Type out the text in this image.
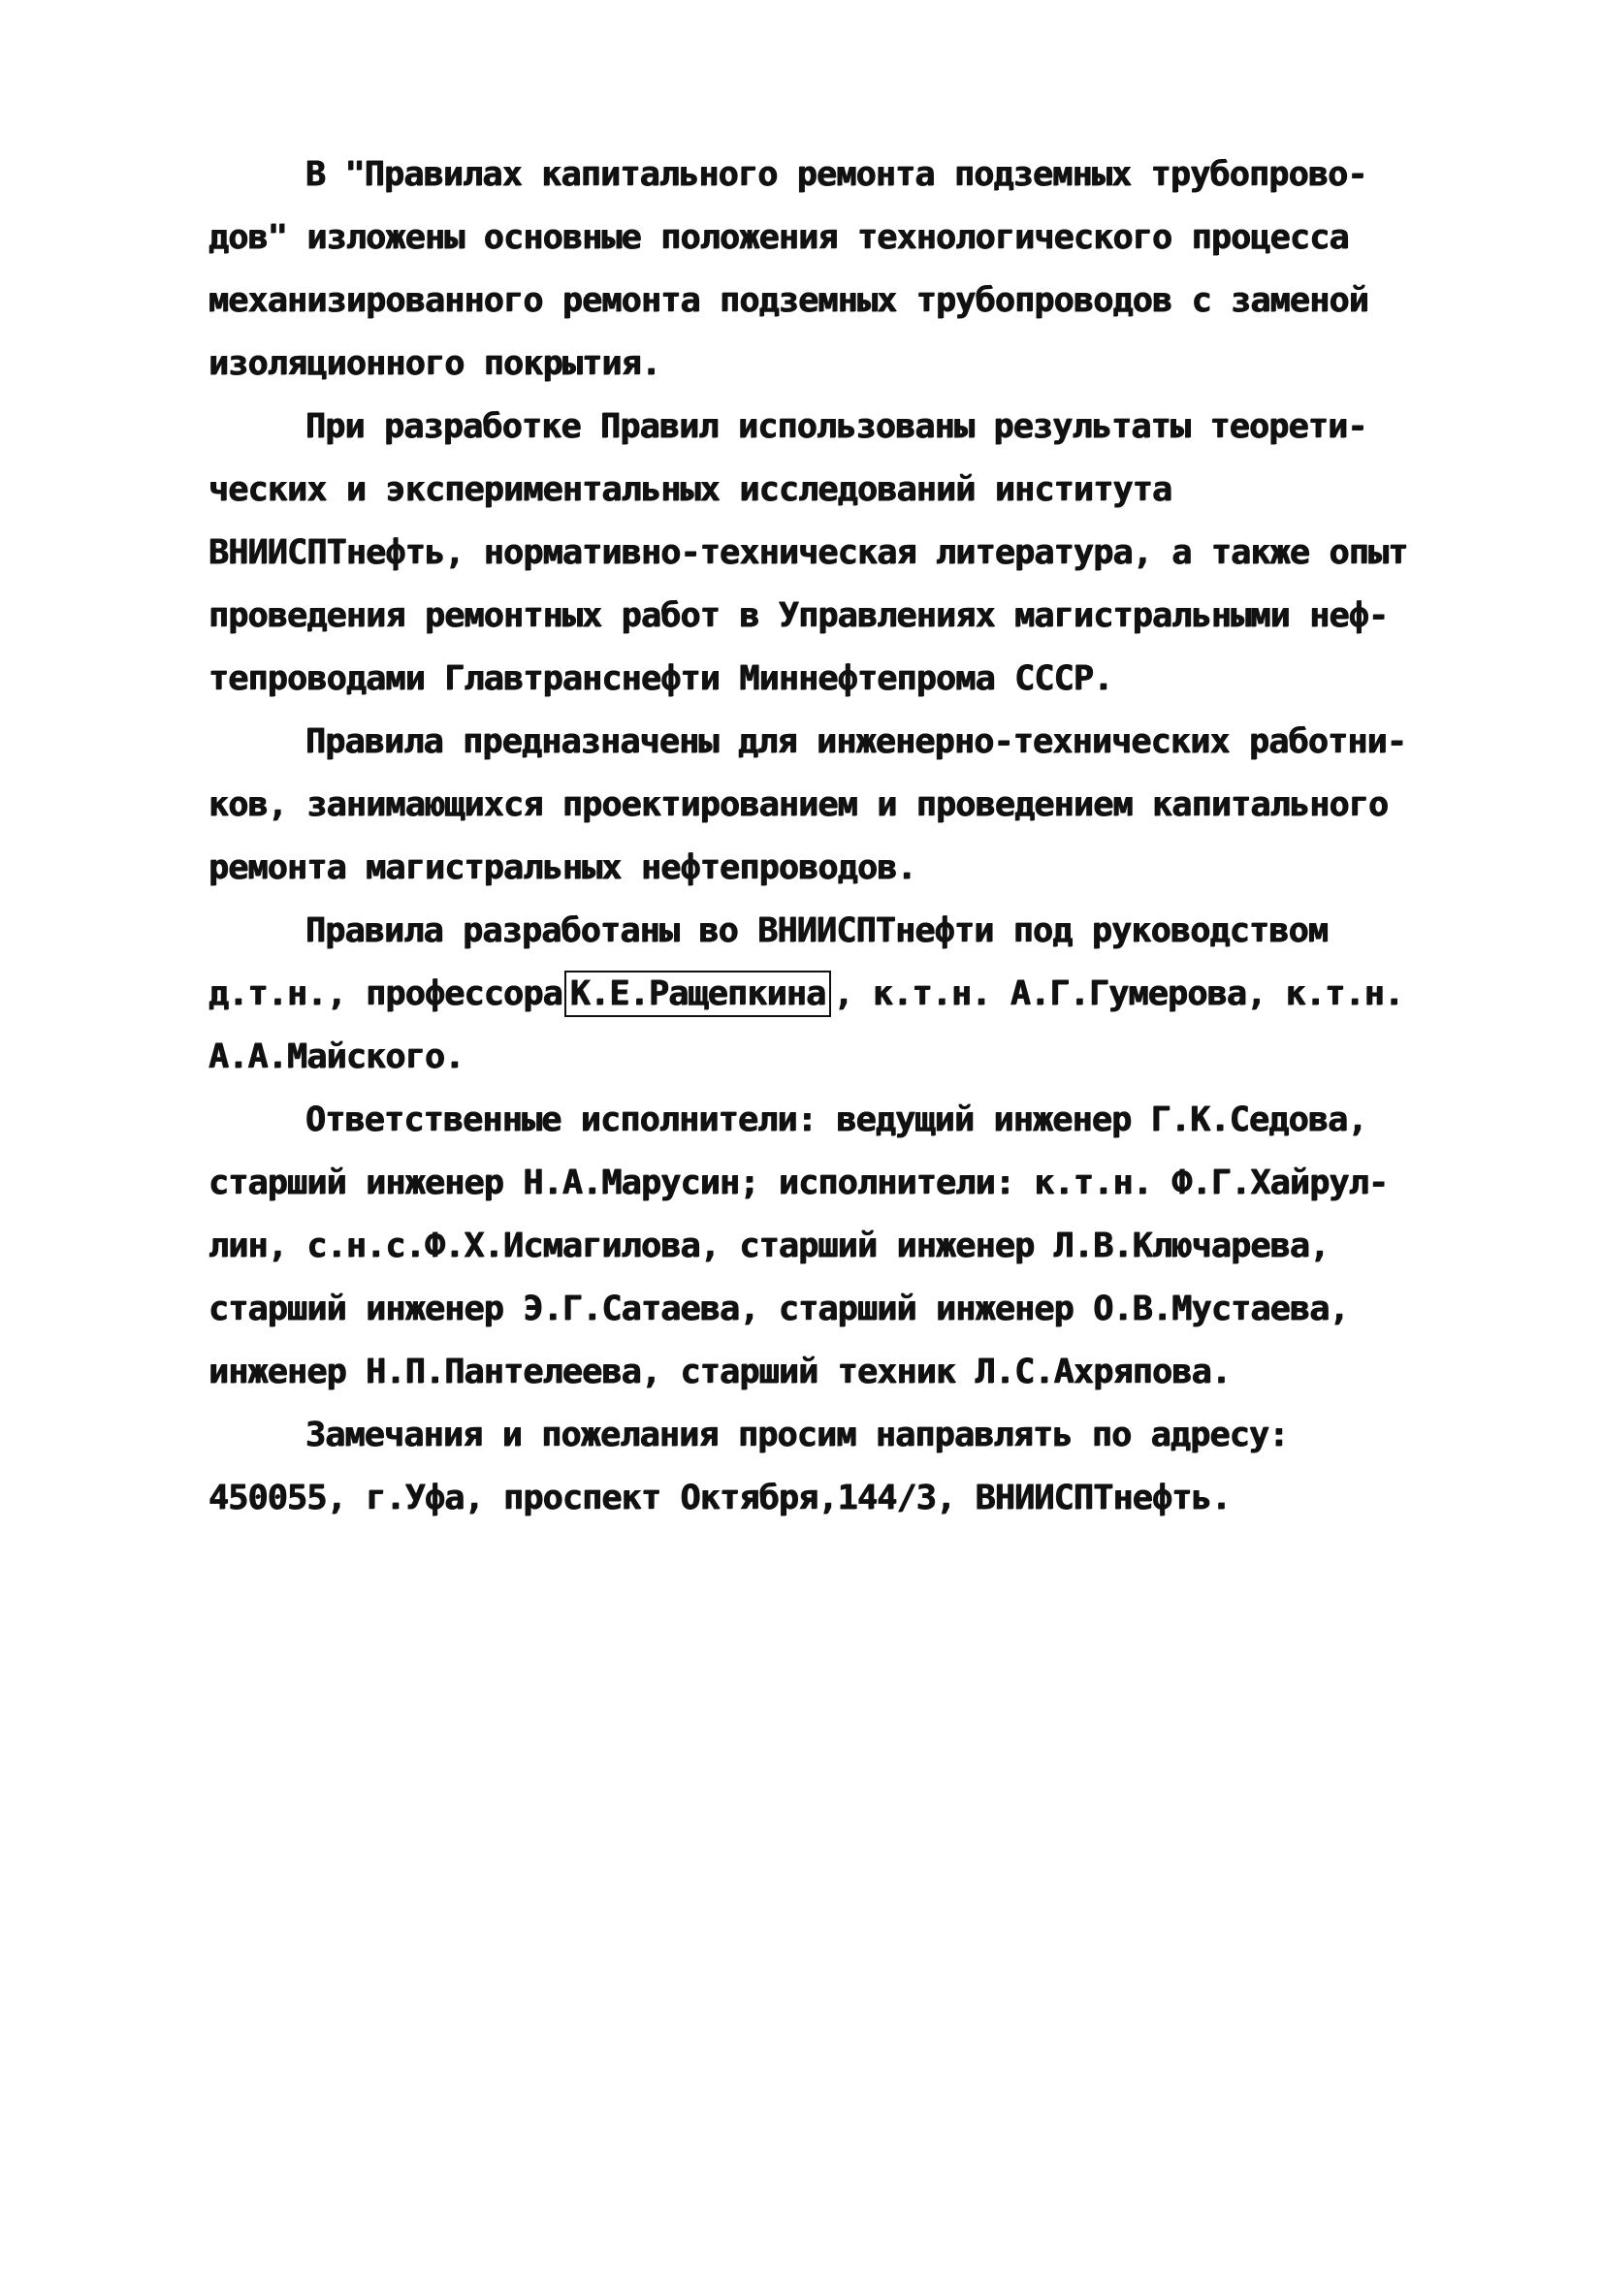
В "Правилах капитального ремонта подземных трубопрово-
дов" изложены основные положения технологического процесса
механизированного ремонта подземных трубопроводов с заменой
изоляционного покрытия.
При разработке Правил использованы результаты теорети-
ческих и экспериментальных исследований института
ВНИИСПТнефть, нормативно-техническая литература, а также опыт
проведения ремонтных работ в Управлениях магистральными неф-
тепроводами Главтранснефти Миннефтепрома СССР.
Правила предназначены для инженерно-технических работни-
ков, занимающихся проектированием и проведением капитального
ремонта магистральных нефтепроводов.
Правила разработаны во ВНИИСПТнефти под руководством
д.т.н., профессора К.Е.Ращепкина , к.т.н. А.Г.Гумерова, к.т.н.
А.А.Майского.
Ответственные исполнители: ведущий инженер Г.К.Седова,
старший инженер Н.А.Марусин; исполнители: к.т.н. Ф.Г.Хайрул-
лин, с.н.с.Ф.Х.Исмагилова, старший инженер Л.В.Ключарева,
старший инженер Э.Г.Сатаева, старший инженер О.В.Мустаева,
инженер Н.П.Пантелеева, старший техник Л.С.Ахряпова.
Замечания и пожелания просим направлять по адресу:
450055, г.Уфа, проспект Октября,144/3, ВНИИСПТнефть.
